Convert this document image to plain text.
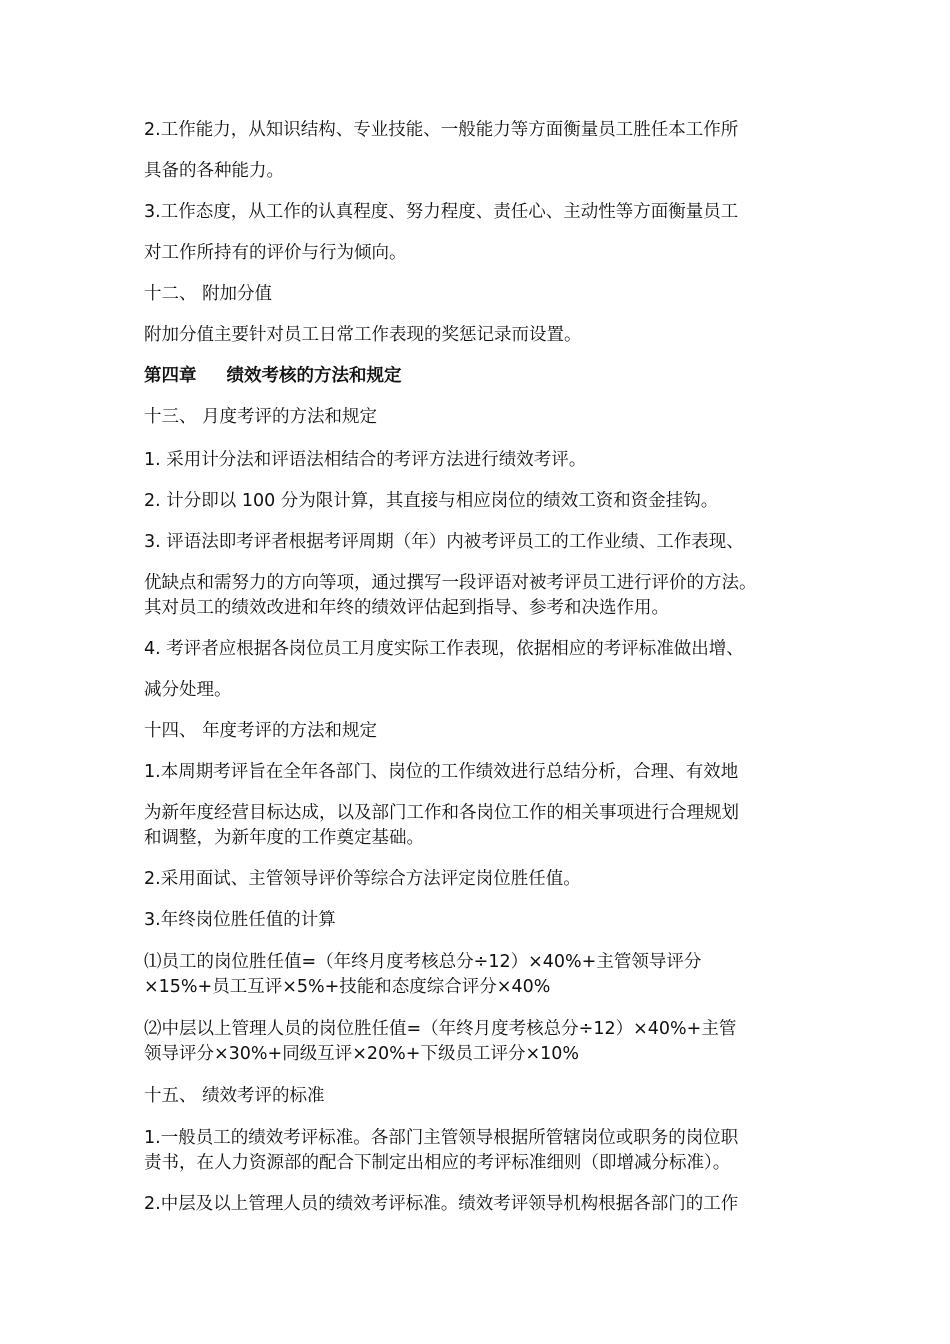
2.工作能力，从知识结构、专业技能、一般能力等方面衡量员工胜任本工作所
具备的各种能力。
3.工作态度，从工作的认真程度、努力程度、责任心、主动性等方面衡量员工
对工作所持有的评价与行为倾向。
十二、 附加分值
附加分值主要针对员工日常工作表现的奖惩记录而设置。
第四章 绩效考核的方法和规定
十三、 月度考评的方法和规定
1. 采用计分法和评语法相结合的考评方法进行绩效考评。
2. 计分即以 100 分为限计算，其直接与相应岗位的绩效工资和资金挂钩。
3. 评语法即考评者根据考评周期（年）内被考评员工的工作业绩、工作表现、
优缺点和需努力的方向等项，通过撰写一段评语对被考评员工进行评价的方法。
其对员工的绩效改进和年终的绩效评估起到指导、参考和决选作用。
4. 考评者应根据各岗位员工月度实际工作表现，依据相应的考评标准做出增、
减分处理。
十四、 年度考评的方法和规定
1.本周期考评旨在全年各部门、岗位的工作绩效进行总结分析，合理、有效地
为新年度经营目标达成，以及部门工作和各岗位工作的相关事项进行合理规划
和调整，为新年度的工作奠定基础。
2.采用面试、主管领导评价等综合方法评定岗位胜任值。
3.年终岗位胜任值的计算
⑴员工的岗位胜任值=（年终月度考核总分÷12）×40%+主管领导评分
×15%+员工互评×5%+技能和态度综合评分×40%
⑵中层以上管理人员的岗位胜任值=（年终月度考核总分÷12）×40%+主管
领导评分×30%+同级互评×20%+下级员工评分×10%
十五、 绩效考评的标准
1.一般员工的绩效考评标准。各部门主管领导根据所管辖岗位或职务的岗位职
责书，在人力资源部的配合下制定出相应的考评标准细则（即增减分标准）。
2.中层及以上管理人员的绩效考评标准。绩效考评领导机构根据各部门的工作
